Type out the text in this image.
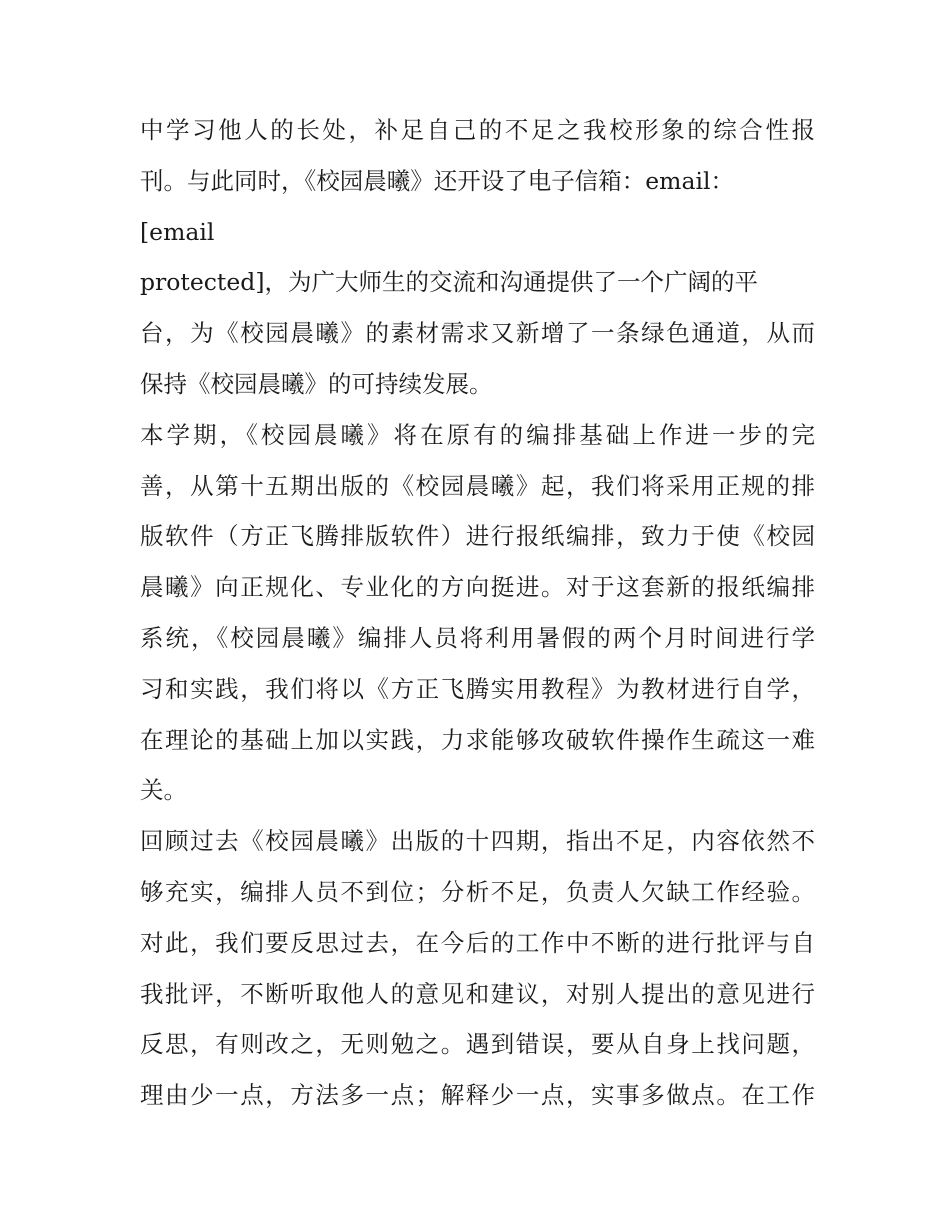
中学习他人的长处，补足自己的不足之我校形象的综合性报
刊。与此同时，《校园晨曦》还开设了电子信箱：email：
[email
protected]，为广大师生的交流和沟通提供了一个广阔的平
台，为《校园晨曦》的素材需求又新增了一条绿色通道，从而
保持《校园晨曦》的可持续发展。
本学期，《校园晨曦》将在原有的编排基础上作进一步的完
善，从第十五期出版的《校园晨曦》起，我们将采用正规的排
版软件（方正飞腾排版软件）进行报纸编排，致力于使《校园
晨曦》向正规化、专业化的方向挺进。对于这套新的报纸编排
系统，《校园晨曦》编排人员将利用暑假的两个月时间进行学
习和实践，我们将以《方正飞腾实用教程》为教材进行自学，
在理论的基础上加以实践，力求能够攻破软件操作生疏这一难
关。
回顾过去《校园晨曦》出版的十四期，指出不足，内容依然不
够充实，编排人员不到位；分析不足，负责人欠缺工作经验。
对此，我们要反思过去，在今后的工作中不断的进行批评与自
我批评，不断听取他人的意见和建议，对别人提出的意见进行
反思，有则改之，无则勉之。遇到错误，要从自身上找问题，
理由少一点，方法多一点；解释少一点，实事多做点。在工作
